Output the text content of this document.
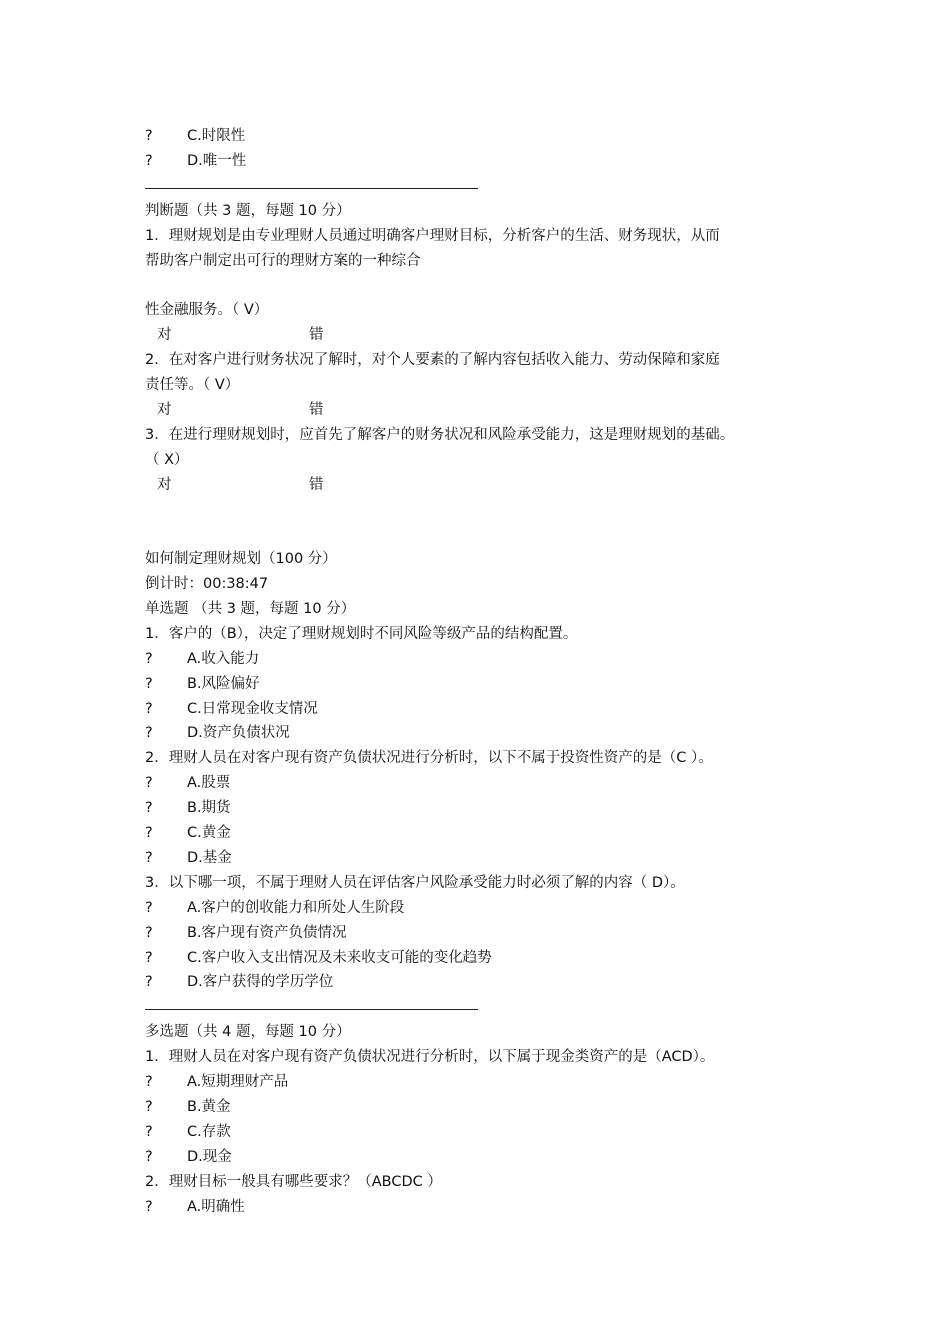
?	C.时限性
?	D.唯一性
判断题（共 3 题，每题 10 分）
1．理财规划是由专业理财人员通过明确客户理财目标，分析客户的生活、财务现状，从而
帮助客户制定出可行的理财方案的一种综合
性金融服务。（ V）
对	错
2．在对客户进行财务状况了解时，对个人要素的了解内容包括收入能力、劳动保障和家庭
责任等。（ V）
对	错
3．在进行理财规划时，应首先了解客户的财务状况和风险承受能力，这是理财规划的基础。
（ X）
对	错
如何制定理财规划（100 分）
倒计时：00:38:47
单选题 （共 3 题，每题 10 分）
1．客户的（B），决定了理财规划时不同风险等级产品的结构配置。
?	A.收入能力
?	B.风险偏好
?	C.日常现金收支情况
?	D.资产负债状况
2．理财人员在对客户现有资产负债状况进行分析时，以下不属于投资性资产的是（C ）。
?	A.股票
?	B.期货
?	C.黄金
?	D.基金
3．以下哪一项，不属于理财人员在评估客户风险承受能力时必须了解的内容（ D）。
?	A.客户的创收能力和所处人生阶段
?	B.客户现有资产负债情况
?	C.客户收入支出情况及未来收支可能的变化趋势
?	D.客户获得的学历学位
多选题（共 4 题，每题 10 分）
1．理财人员在对客户现有资产负债状况进行分析时，以下属于现金类资产的是（ACD）。
?	A.短期理财产品
?	B.黄金
?	C.存款
?	D.现金
2．理财目标一般具有哪些要求？（ABCDC ）
?	A.明确性
